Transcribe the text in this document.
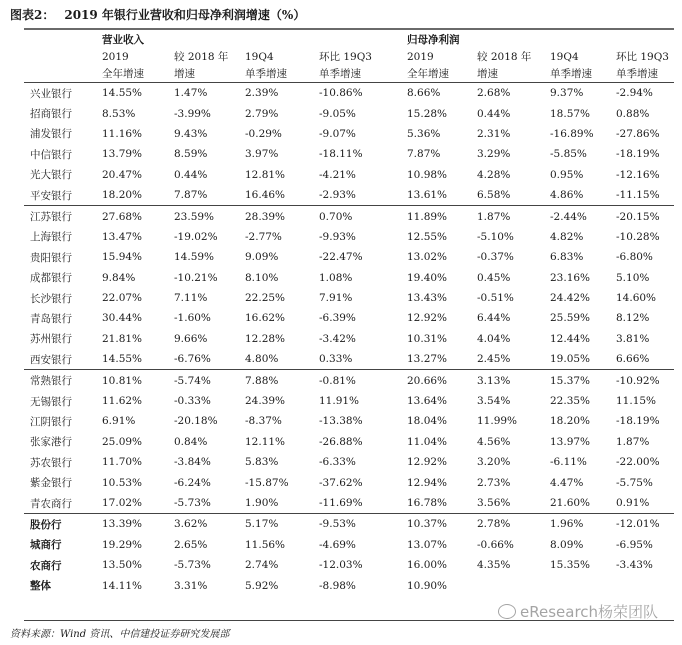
图表2： 2019 年银行业营收和归母净利润增速（%）
	营业收入				归母净利润			
	2019	较 2018 年	19Q4	环比 19Q3	2019	较 2018 年	19Q4	环比 19Q3
	全年增速	增速	单季增速	单季增速	全年增速	增速	单季增速	单季增速
兴业银行	14.55%	1.47%	2.39%	-10.86%	8.66%	2.68%	9.37%	-2.94%
招商银行	8.53%	-3.99%	2.79%	-9.05%	15.28%	0.44%	18.57%	0.88%
浦发银行	11.16%	9.43%	-0.29%	-9.07%	5.36%	2.31%	-16.89%	-27.86%
中信银行	13.79%	8.59%	3.97%	-18.11%	7.87%	3.29%	-5.85%	-18.19%
光大银行	20.47%	0.44%	12.81%	-4.21%	10.98%	4.28%	0.95%	-12.16%
平安银行	18.20%	7.87%	16.46%	-2.93%	13.61%	6.58%	4.86%	-11.15%
江苏银行	27.68%	23.59%	28.39%	0.70%	11.89%	1.87%	-2.44%	-20.15%
上海银行	13.47%	-19.02%	-2.77%	-9.93%	12.55%	-5.10%	4.82%	-10.28%
贵阳银行	15.94%	14.59%	9.09%	-22.47%	13.02%	-0.37%	6.83%	-6.80%
成都银行	9.84%	-10.21%	8.10%	1.08%	19.40%	0.45%	23.16%	5.10%
长沙银行	22.07%	7.11%	22.25%	7.91%	13.43%	-0.51%	24.42%	14.60%
青岛银行	30.44%	-1.60%	16.62%	-6.39%	12.92%	6.44%	25.59%	8.12%
苏州银行	21.81%	9.66%	12.28%	-3.42%	10.31%	4.04%	12.44%	3.81%
西安银行	14.55%	-6.76%	4.80%	0.33%	13.27%	2.45%	19.05%	6.66%
常熟银行	10.81%	-5.74%	7.88%	-0.81%	20.66%	3.13%	15.37%	-10.92%
无锡银行	11.62%	-0.33%	24.39%	11.91%	13.64%	3.54%	22.35%	11.15%
江阴银行	6.91%	-20.18%	-8.37%	-13.38%	18.04%	11.99%	18.20%	-18.19%
张家港行	25.09%	0.84%	12.11%	-26.88%	11.04%	4.56%	13.97%	1.87%
苏农银行	11.70%	-3.84%	5.83%	-6.33%	12.92%	3.20%	-6.11%	-22.00%
紫金银行	10.53%	-6.24%	-15.87%	-37.62%	12.94%	2.73%	4.47%	-5.75%
青农商行	17.02%	-5.73%	1.90%	-11.69%	16.78%	3.56%	21.60%	0.91%
股份行	13.39%	3.62%	5.17%	-9.53%	10.37%	2.78%	1.96%	-12.01%
城商行	19.29%	2.65%	11.56%	-4.69%	13.07%	-0.66%	8.09%	-6.95%
农商行	13.50%	-5.73%	2.74%	-12.03%	16.00%	4.35%	15.35%	-3.43%
整体	14.11%	3.31%	5.92%	-8.98%	10.90%			
资料来源：Wind 资讯、中信建投证券研究发展部
eResearch杨荣团队
